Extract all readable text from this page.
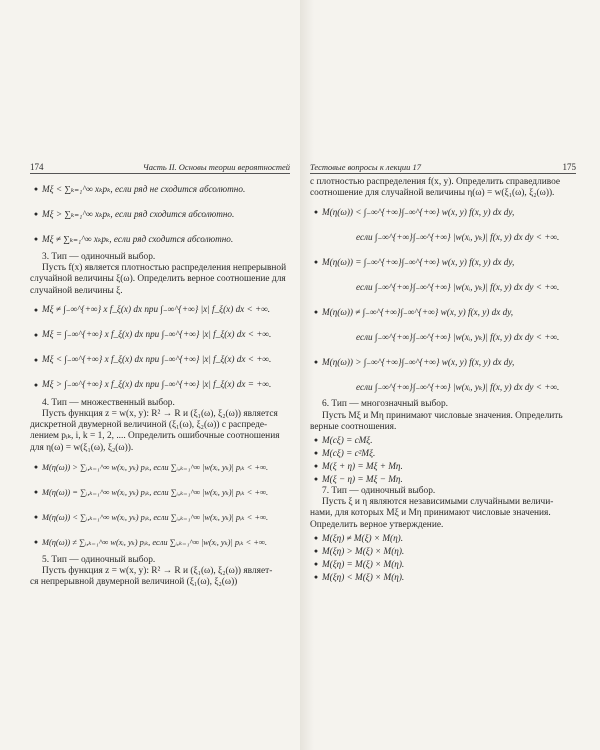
174	Часть II. Основы теории вероятностей
● Mξ < ∑ₖ₌₁^∞ xₖpₖ, если ряд не сходится абсолютно.
● Mξ > ∑ₖ₌₁^∞ xₖpₖ, если ряд сходится абсолютно.
● Mξ ≠ ∑ₖ₌₁^∞ xₖpₖ, если ряд сходится абсолютно.
3. Тип — одиночный выбор.
Пусть f(x) является плотностью распределения непрерывной
случайной величины ξ(ω). Определить верное соотношение для
случайной величины ξ.
● Mξ ≠ ∫₋∞^{+∞} x f_ξ(x) dx при ∫₋∞^{+∞} |x| f_ξ(x) dx < +∞.
● Mξ = ∫₋∞^{+∞} x f_ξ(x) dx при ∫₋∞^{+∞} |x| f_ξ(x) dx < +∞.
● Mξ < ∫₋∞^{+∞} x f_ξ(x) dx при ∫₋∞^{+∞} |x| f_ξ(x) dx < +∞.
● Mξ > ∫₋∞^{+∞} x f_ξ(x) dx при ∫₋∞^{+∞} |x| f_ξ(x) dx = +∞.
4. Тип — множественный выбор.
Пусть функция z = w(x, y): R² → R и (ξ₁(ω), ξ₂(ω)) является
дискретной двумерной величиной (ξ₁(ω), ξ₂(ω)) с распреде-
лением pᵢₖ, i, k = 1, 2, .... Определить ошибочные соотношения
для η(ω) = w(ξ₁(ω), ξ₂(ω)).
● M(η(ω)) > ∑ᵢ,ₖ₌₁^∞ w(xᵢ, yₖ) pᵢₖ, если ∑ᵢ,ₖ₌₁^∞ |w(xᵢ, yₖ)| pᵢₖ < +∞.
● M(η(ω)) = ∑ᵢ,ₖ₌₁^∞ w(xᵢ, yₖ) pᵢₖ, если ∑ᵢ,ₖ₌₁^∞ |w(xᵢ, yₖ)| pᵢₖ < +∞.
● M(η(ω)) < ∑ᵢ,ₖ₌₁^∞ w(xᵢ, yₖ) pᵢₖ, если ∑ᵢ,ₖ₌₁^∞ |w(xᵢ, yₖ)| pᵢₖ < +∞.
● M(η(ω)) ≠ ∑ᵢ,ₖ₌₁^∞ w(xᵢ, yₖ) pᵢₖ, если ∑ᵢ,ₖ₌₁^∞ |w(xᵢ, yₖ)| pᵢₖ < +∞.
5. Тип — одиночный выбор.
Пусть функция z = w(x, y): R² → R и (ξ₁(ω), ξ₂(ω)) являет-
ся непрерывной двумерной величиной (ξ₁(ω), ξ₂(ω))
Тестовые вопросы к лекции 17	175
с плотностью распределения f(x, y). Определить справедливое
соотношение для случайной величины η(ω) = w(ξ₁(ω), ξ₂(ω)).
● M(η(ω)) < ∫₋∞^{+∞}∫₋∞^{+∞} w(x, y) f(x, y) dx dy,
если ∫₋∞^{+∞}∫₋∞^{+∞} |w(xᵢ, yₖ)| f(x, y) dx dy < +∞.
● M(η(ω)) = ∫₋∞^{+∞}∫₋∞^{+∞} w(x, y) f(x, y) dx dy,
если ∫₋∞^{+∞}∫₋∞^{+∞} |w(xᵢ, yₖ)| f(x, y) dx dy < +∞.
● M(η(ω)) ≠ ∫₋∞^{+∞}∫₋∞^{+∞} w(x, y) f(x, y) dx dy,
если ∫₋∞^{+∞}∫₋∞^{+∞} |w(xᵢ, yₖ)| f(x, y) dx dy < +∞.
● M(η(ω)) > ∫₋∞^{+∞}∫₋∞^{+∞} w(x, y) f(x, y) dx dy,
если ∫₋∞^{+∞}∫₋∞^{+∞} |w(xᵢ, yₖ)| f(x, y) dx dy < +∞.
6. Тип — многозначный выбор.
Пусть Mξ и Mη принимают числовые значения. Определить
верные соотношения.
● M(cξ) = cMξ.
● M(cξ) = c²Mξ.
● M(ξ + η) = Mξ + Mη.
● M(ξ − η) = Mξ − Mη.
7. Тип — одиночный выбор.
Пусть ξ и η являются независимыми случайными величи-
нами, для которых Mξ и Mη принимают числовые значения.
Определить верное утверждение.
● M(ξη) ≠ M(ξ) × M(η).
● M(ξη) > M(ξ) × M(η).
● M(ξη) = M(ξ) × M(η).
● M(ξη) < M(ξ) × M(η).
